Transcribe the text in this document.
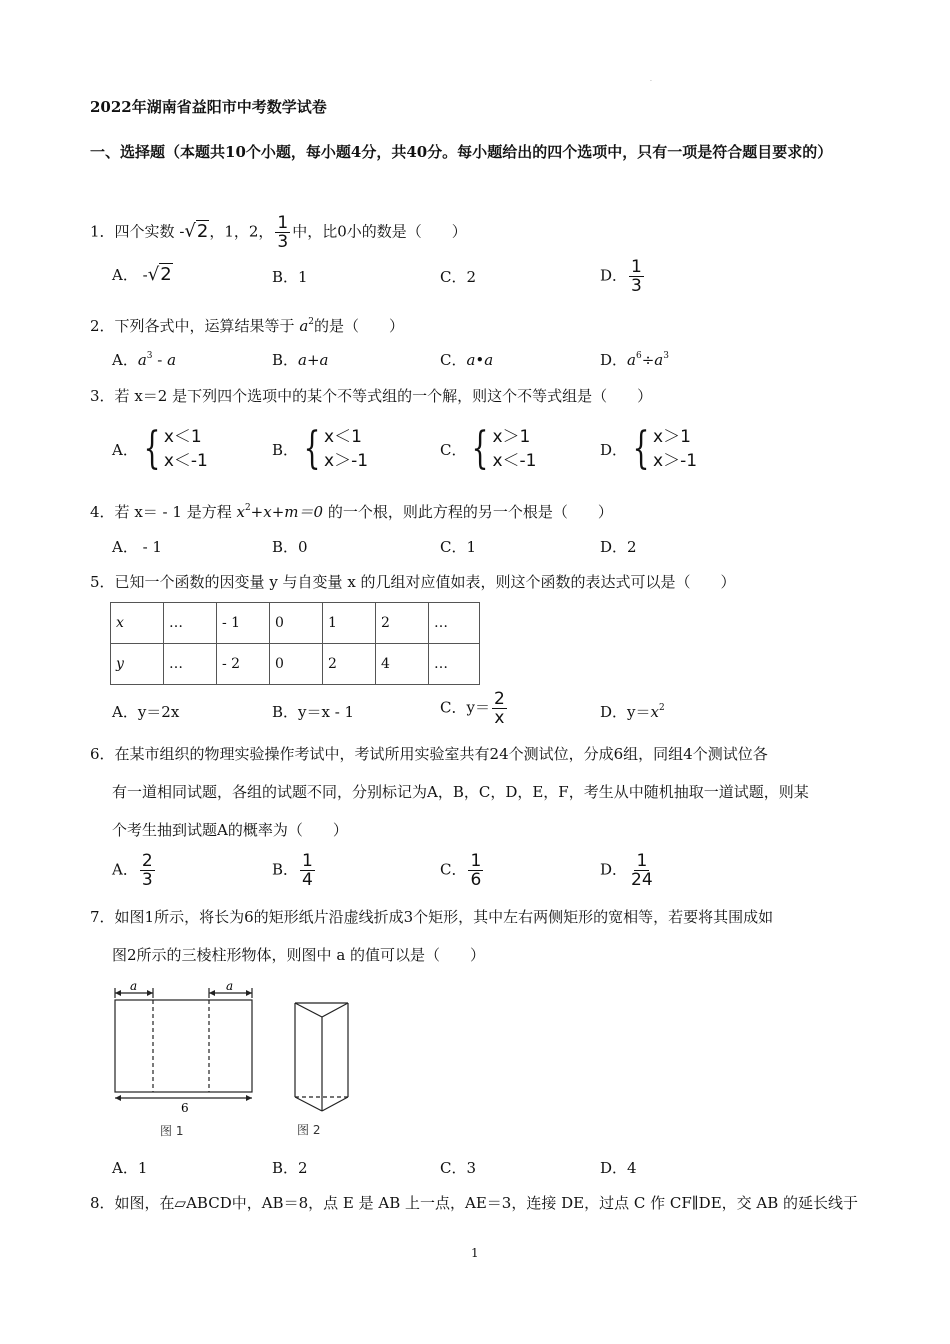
.
2022年湖南省益阳市中考数学试卷
一、选择题（本题共10个小题，每小题4分，共40分。每小题给出的四个选项中，只有一项是符合题目要求的）
1．四个实数 -√2，1，2， $\frac{1}{3}$ 中，比0小的数是（　　）
A． -√2	B．1	C．2	D． $\frac{1}{3}$
2．下列各式中，运算结果等于 $a^2$的是（　　）
A．$a^3$ - a	B．a+a	C．a•a	D．$a^6\div a^3$
3．若 x＝2 是下列四个选项中的某个不等式组的一个解，则这个不等式组是（　　）
A． { x＜1
x＜-1
B． { x＜1
x＞-1
C． { x＞1
x＜-1
D． { x＞1
x＞-1
4．若 x＝ - 1 是方程 $x^2+x+m=0$ 的一个根，则此方程的另一个根是（　　）
A． - 1	B．0	C．1	D．2
5．已知一个函数的因变量 y 与自变量 x 的几组对应值如表，则这个函数的表达式可以是（　　）
x	…	- 1	0	1	2	…
y	…	- 2	0	2	4	…
A．y＝2x	B．y＝x - 1	C．$y= \frac{2}{x}$	D．$y=x^2$
6．在某市组织的物理实验操作考试中，考试所用实验室共有24个测试位，分成6组，同组4个测试位各
有一道相同试题，各组的试题不同，分别标记为A，B，C，D，E，F，考生从中随机抽取一道试题，则某
个考生抽到试题A的概率为（　　）
A． $\frac{2}{3}$	B． $\frac{1}{4}$	C． $\frac{1}{6}$	D． $\frac{1}{24}$
7．如图1所示，将长为6的矩形纸片沿虚线折成3个矩形，其中左右两侧矩形的宽相等，若要将其围成如
图2所示的三棱柱形物体，则图中 a 的值可以是（　　）
a	a
6
图 1	图 2
A．1	B．2	C．3	D．4
8．如图，在▱ABCD中，AB＝8，点 E 是 AB 上一点，AE＝3，连接 DE，过点 C 作 CF∥DE，交 AB 的延长线于
1
